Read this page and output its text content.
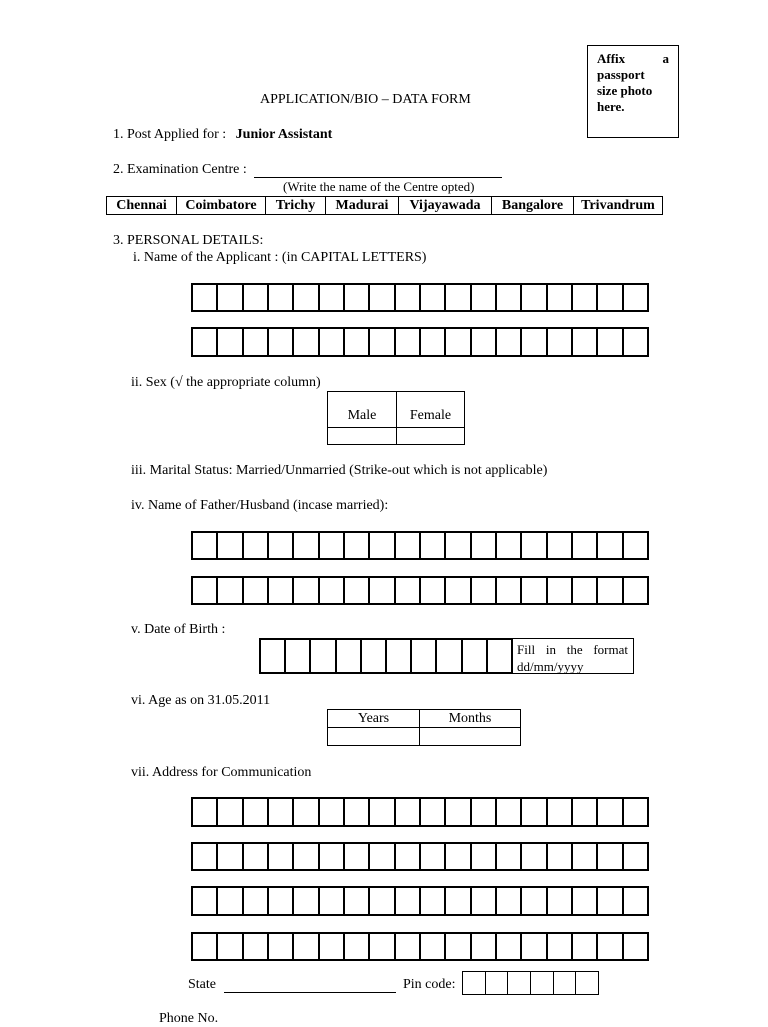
Affix	a
passport
size photo
here.
APPLICATION/BIO – DATA FORM
1. Post Applied for : Junior Assistant
2. Examination Centre :
(Write the name of the Centre opted)
Chennai	Coimbatore	Trichy	Madurai	Vijayawada	Bangalore	Trivandrum
3. PERSONAL DETAILS:
i. Name of the Applicant : (in CAPITAL LETTERS)
ii. Sex (√ the appropriate column)
Male	Female
iii. Marital Status: Married/Unmarried (Strike-out which is not applicable)
iv. Name of Father/Husband (incase married):
v. Date of Birth :
Fill in the format
dd/mm/yyyy
vi. Age as on 31.05.2011
Years	Months
vii. Address for Communication
State	Pin code:
Phone No.
